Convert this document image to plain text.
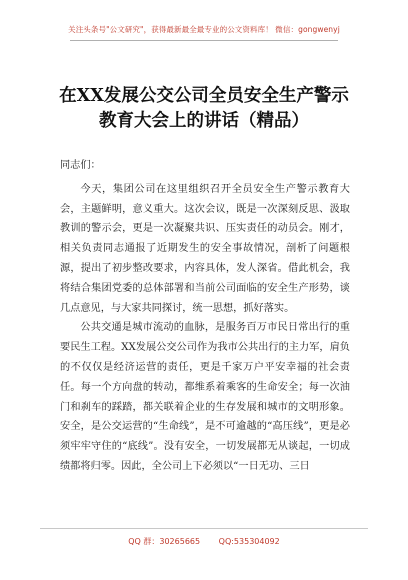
关注头条号"公文研究"，获得最新最全最专业的公文资料库！ 微信：gongwenyj
在XX发展公交公司全员安全生产警示教育大会上的讲话（精品）

同志们：

今天，集团公司在这里组织召开全员安全生产警示教育大会，主题鲜明，意义重大。这次会议，既是一次深刻反思、汲取教训的警示会，更是一次凝聚共识、压实责任的动员会。刚才，相关负责同志通报了近期发生的安全事故情况，剖析了问题根源，提出了初步整改要求，内容具体，发人深省。借此机会，我将结合集团党委的总体部署和当前公司面临的安全生产形势，谈几点意见，与大家共同探讨，统一思想，抓好落实。

公共交通是城市流动的血脉，是服务百万市民日常出行的重要民生工程。XX发展公交公司作为我市公共出行的主力军，肩负的不仅仅是经济运营的责任，更是千家万户平安幸福的社会责任。每一个方向盘的转动，都维系着乘客的生命安全；每一次油门和刹车的踩踏，都关联着企业的生存发展和城市的文明形象。安全，是公交运营的“生命线”，是不可逾越的“高压线”，更是必须牢牢守住的“底线”。没有安全，一切发展都无从谈起，一切成绩都将归零。因此，全公司上下必须以“一日无功、三日

QQ 群：30265665 QQ:535304092
